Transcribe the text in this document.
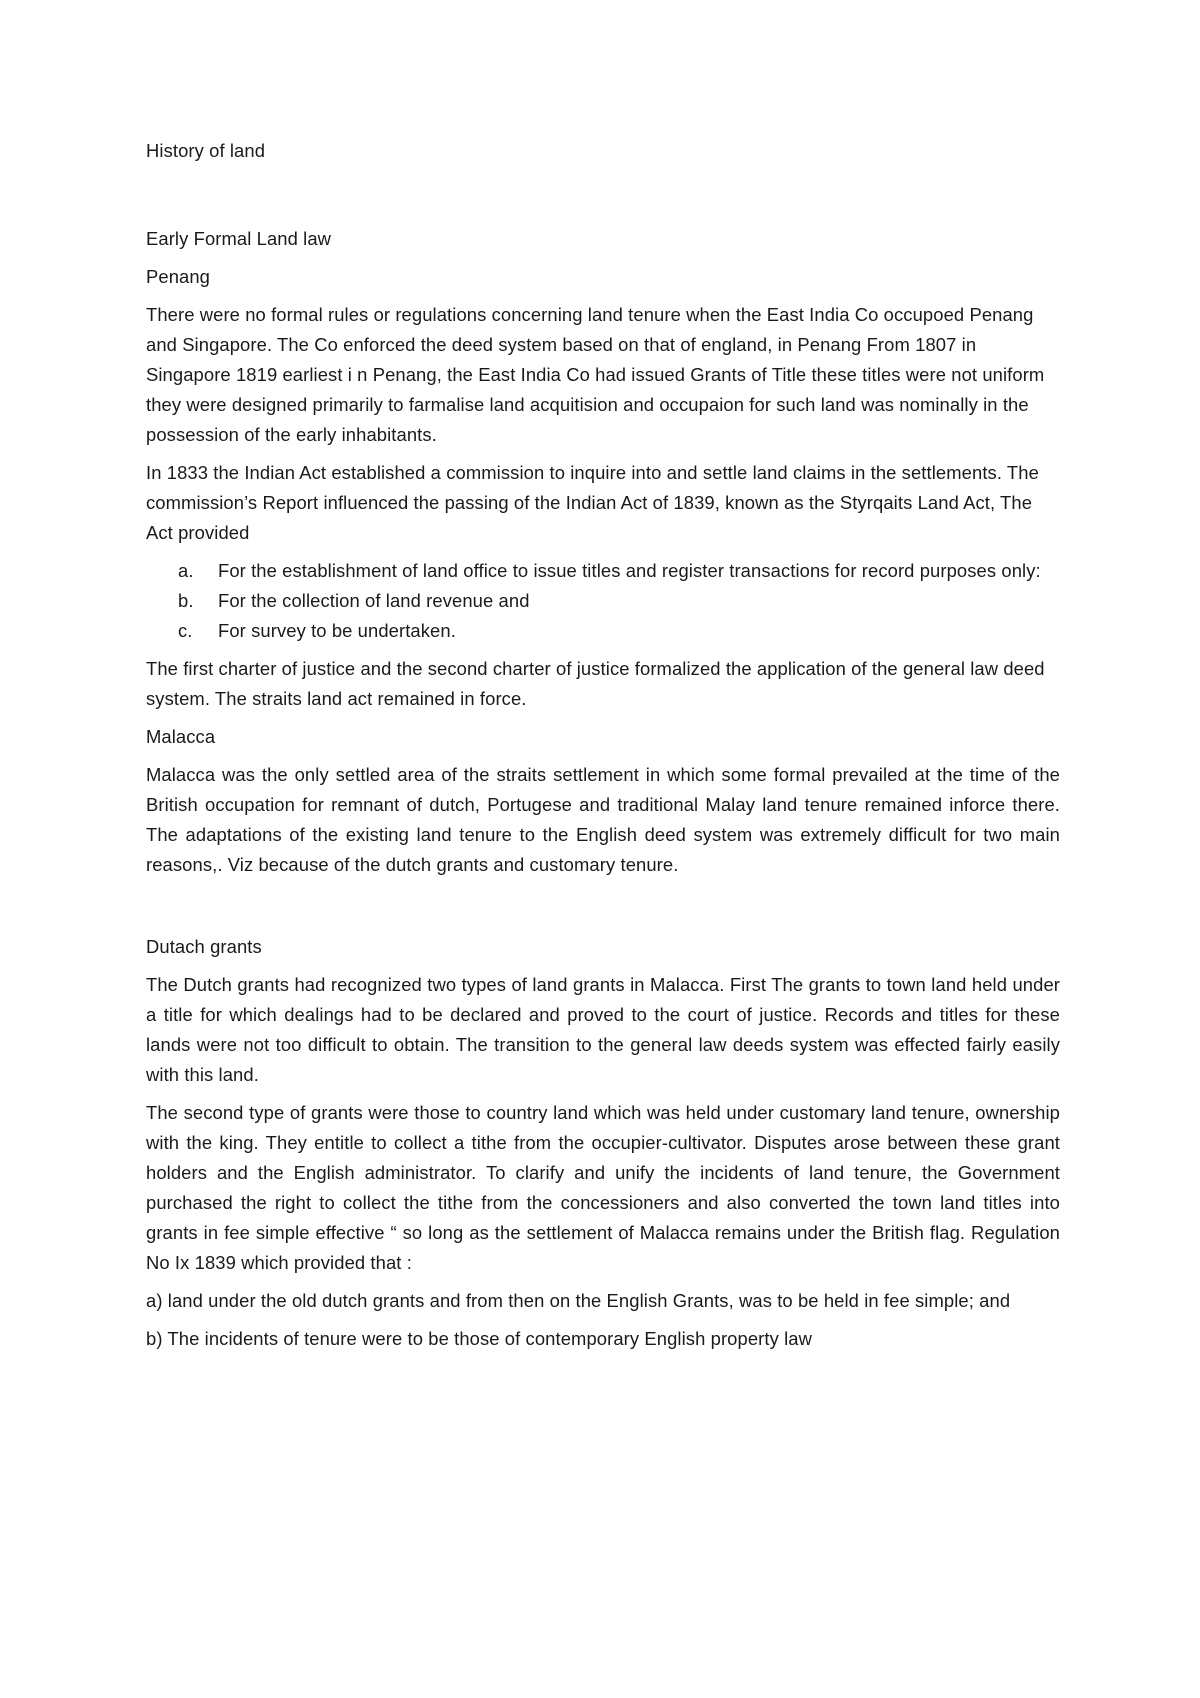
History of land

Early Formal Land law

Penang

There were no formal rules or regulations concerning land tenure when the East India Co occupoed Penang and Singapore. The Co enforced the deed system based on that of england, in Penang From 1807 in Singapore 1819 earliest i n Penang, the East India Co had issued Grants of Title these titles were not uniform they were designed primarily to farmalise land acquitision and occupaion for such land was nominally in the possession of the early inhabitants.

In 1833 the Indian Act established a commission to inquire into and settle land claims in the settlements. The commission’s Report influenced the passing of the Indian Act of 1839, known as the Styrqaits Land Act, The Act provided

a. For the establishment of land office to issue titles and register transactions for record purposes only:
b. For the collection of land revenue and
c. For survey to be undertaken.

The first charter of justice and the second charter of justice formalized the application of the general law deed system. The straits land act remained in force.

Malacca

Malacca was the only settled area of the straits settlement in which some formal prevailed at the time of the British occupation for remnant of dutch, Portugese and traditional Malay land tenure remained inforce there. The adaptations of the existing land tenure to the English deed system was extremely difficult for two main reasons,. Viz because of the dutch grants and customary tenure.

Dutach grants

The Dutch grants had recognized two types of land grants in Malacca. First The grants to town land held under a title for which dealings had to be declared and proved to the court of justice. Records and titles for these lands were not too difficult to obtain. The transition to the general law deeds system was effected fairly easily with this land.

The second type of grants were those to country land which was held under customary land tenure, ownership with the king. They entitle to collect a tithe from the occupier-cultivator. Disputes arose between these grant holders and the English administrator. To clarify and unify the incidents of land tenure, the Government purchased the right to collect the tithe from the concessioners and also converted the town land titles into grants in fee simple effective “ so long as the settlement of Malacca remains under the British flag. Regulation No Ix 1839 which provided that :

a) land under the old dutch grants and from then on the English Grants, was to be held in fee simple; and

b) The incidents of tenure were to be those of contemporary English property law
